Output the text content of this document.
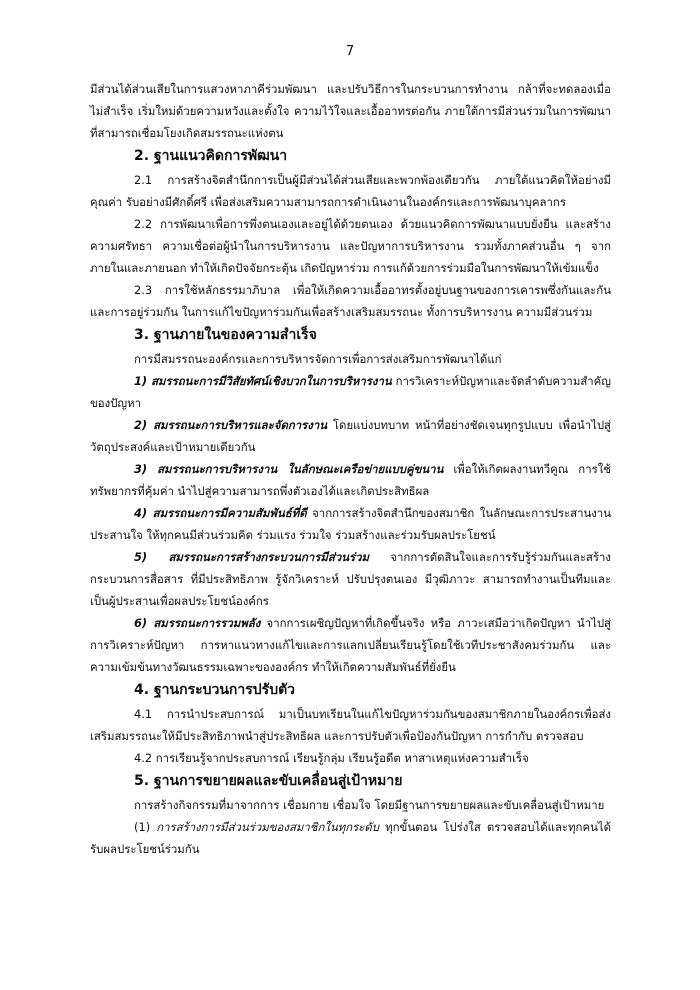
7

มีส่วนได้ส่วนเสียในการแสวงหาภาคีร่วมพัฒนา และปรับวิธีการในกระบวนการทำงาน กล้าที่จะทดลองเมื่อไม่สำเร็จ เริ่มใหม่ด้วยความหวังและตั้งใจ ความไว้ใจและเอื้ออาทรต่อกัน ภายใต้การมีส่วนร่วมในการพัฒนาที่สามารถเชื่อมโยงเกิดสมรรถนะแห่งตน

2. ฐานแนวคิดการพัฒนา

2.1 การสร้างจิตสำนึกการเป็นผู้มีส่วนได้ส่วนเสียและพวกพ้องเดียวกัน ภายใต้แนวคิดให้อย่างมีคุณค่า รับอย่างมีศักดิ์ศรี เพื่อส่งเสริมความสามารถการดำเนินงานในองค์กรและการพัฒนาบุคลากร

2.2 การพัฒนาเพื่อการพึ่งตนเองและอยู่ได้ด้วยตนเอง ด้วยแนวคิดการพัฒนาแบบยั่งยืน และสร้างความศรัทธา ความเชื่อต่อผู้นำในการบริหารงาน และปัญหาการบริหารงาน รวมทั้งภาคส่วนอื่น ๆ จากภายในและภายนอก ทำให้เกิดปัจจัยกระตุ้น เกิดปัญหาร่วม การแก้ด้วยการร่วมมือในการพัฒนาให้เข้มแข็ง

2.3 การใช้หลักธรรมาภิบาล เพื่อให้เกิดความเอื้ออาทรตั้งอยู่บนฐานของการเคารพซึ่งกันและกันและการอยู่ร่วมกัน ในการแก้ไขปัญหาร่วมกันเพื่อสร้างเสริมสมรรถนะ ทั้งการบริหารงาน ความมีส่วนร่วม

3. ฐานภายในของความสำเร็จ

การมีสมรรถนะองค์กรและการบริหารจัดการเพื่อการส่งเสริมการพัฒนาได้แก่

1) สมรรถนะการมีวิสัยทัศน์เชิงบวกในการบริหารงาน การวิเคราะห์ปัญหาและจัดลำดับความสำคัญของปัญหา

2) สมรรถนะการบริหารและจัดการงาน โดยแบ่งบทบาท หน้าที่อย่างชัดเจนทุกรูปแบบ เพื่อนำไปสู่วัตถุประสงค์และเป้าหมายเดียวกัน

3) สมรรถนะการบริหารงาน ในลักษณะเครือข่ายแบบคู่ขนาน เพื่อให้เกิดผลงานทวีคูณ การใช้ทรัพยากรที่คุ้มค่า นำไปสู่ความสามารถพึ่งตัวเองได้และเกิดประสิทธิผล

4) สมรรถนะการมีความสัมพันธ์ที่ดี จากการสร้างจิตสำนึกของสมาชิก ในลักษณะการประสานงาน ประสานใจ ให้ทุกคนมีส่วนร่วมคิด ร่วมแรง ร่วมใจ ร่วมสร้างและร่วมรับผลประโยชน์

5) สมรรถนะการสร้างกระบวนการมีส่วนร่วม จากการตัดสินใจและการรับรู้ร่วมกันและสร้างกระบวนการสื่อสาร ที่มีประสิทธิภาพ รู้จักวิเคราะห์ ปรับปรุงตนเอง มีวุฒิภาวะ สามารถทำงานเป็นทีมและเป็นผู้ประสานเพื่อผลประโยชน์องค์กร

6) สมรรถนะการรวมพลัง จากการเผชิญปัญหาที่เกิดขึ้นจริง หรือ ภาวะเสมือว่าเกิดปัญหา นำไปสู่การวิเคราะห์ปัญหา การหาแนวทางแก้ไขและการแลกเปลี่ยนเรียนรู้โดยใช้เวทีประชาสังคมร่วมกัน และความเข้มข้นทางวัฒนธรรมเฉพาะขององค์กร ทำให้เกิดความสัมพันธ์ที่ยั่งยืน

4. ฐานกระบวนการปรับตัว

4.1 การนำประสบการณ์ มาเป็นบทเรียนในแก้ไขปัญหาร่วมกันของสมาชิกภายในองค์กรเพื่อส่งเสริมสมรรถนะให้มีประสิทธิภาพนำสู่ประสิทธิผล และการปรับตัวเพื่อป้องกันปัญหา การกำกับ ตรวจสอบ

4.2 การเรียนรู้จากประสบการณ์ เรียนรู้กลุ่ม เรียนรู้อดีต หาสาเหตุแห่งความสำเร็จ

5. ฐานการขยายผลและขับเคลื่อนสู่เป้าหมาย

การสร้างกิจกรรมที่มาจากการ เชื่อมกาย เชื่อมใจ โดยมีฐานการขยายผลและขับเคลื่อนสู่เป้าหมาย

(1) การสร้างการมีส่วนร่วมของสมาชิกในทุกระดับ ทุกขั้นตอน โปร่งใส ตรวจสอบได้และทุกคนได้รับผลประโยชน์ร่วมกัน
